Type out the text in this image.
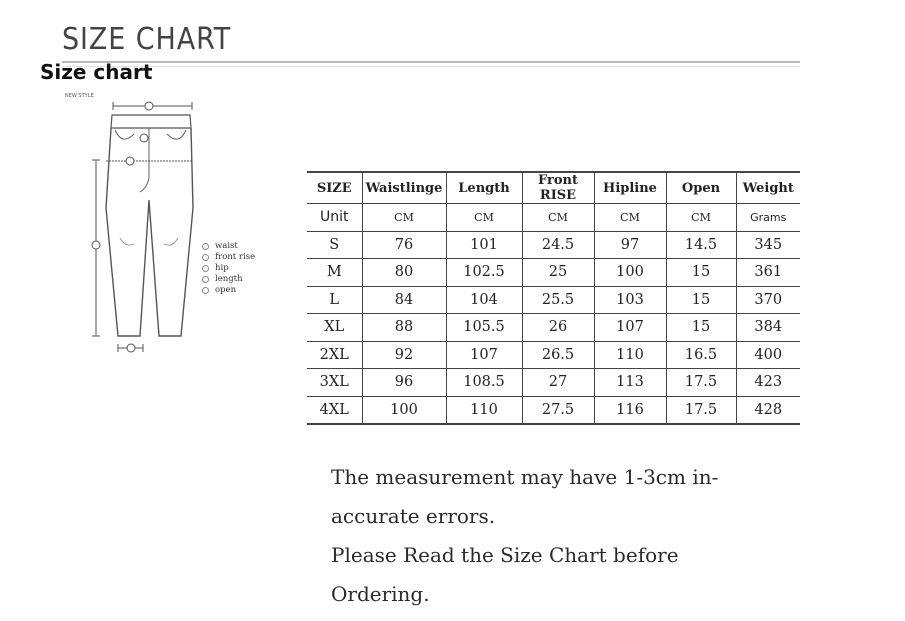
SIZE CHART
Size chart
NEW STYLE
waist
front rise
hip
length
open
SIZE	Waistlinge	Length	Front RISE	Hipline	Open	Weight
Unit	CM	CM	CM	CM	CM	Grams
S	76	101	24.5	97	14.5	345
M	80	102.5	25	100	15	361
L	84	104	25.5	103	15	370
XL	88	105.5	26	107	15	384
2XL	92	107	26.5	110	16.5	400
3XL	96	108.5	27	113	17.5	423
4XL	100	110	27.5	116	17.5	428
The measurement may have 1-3cm in-
accurate errors.
Please Read the Size Chart before
Ordering.
